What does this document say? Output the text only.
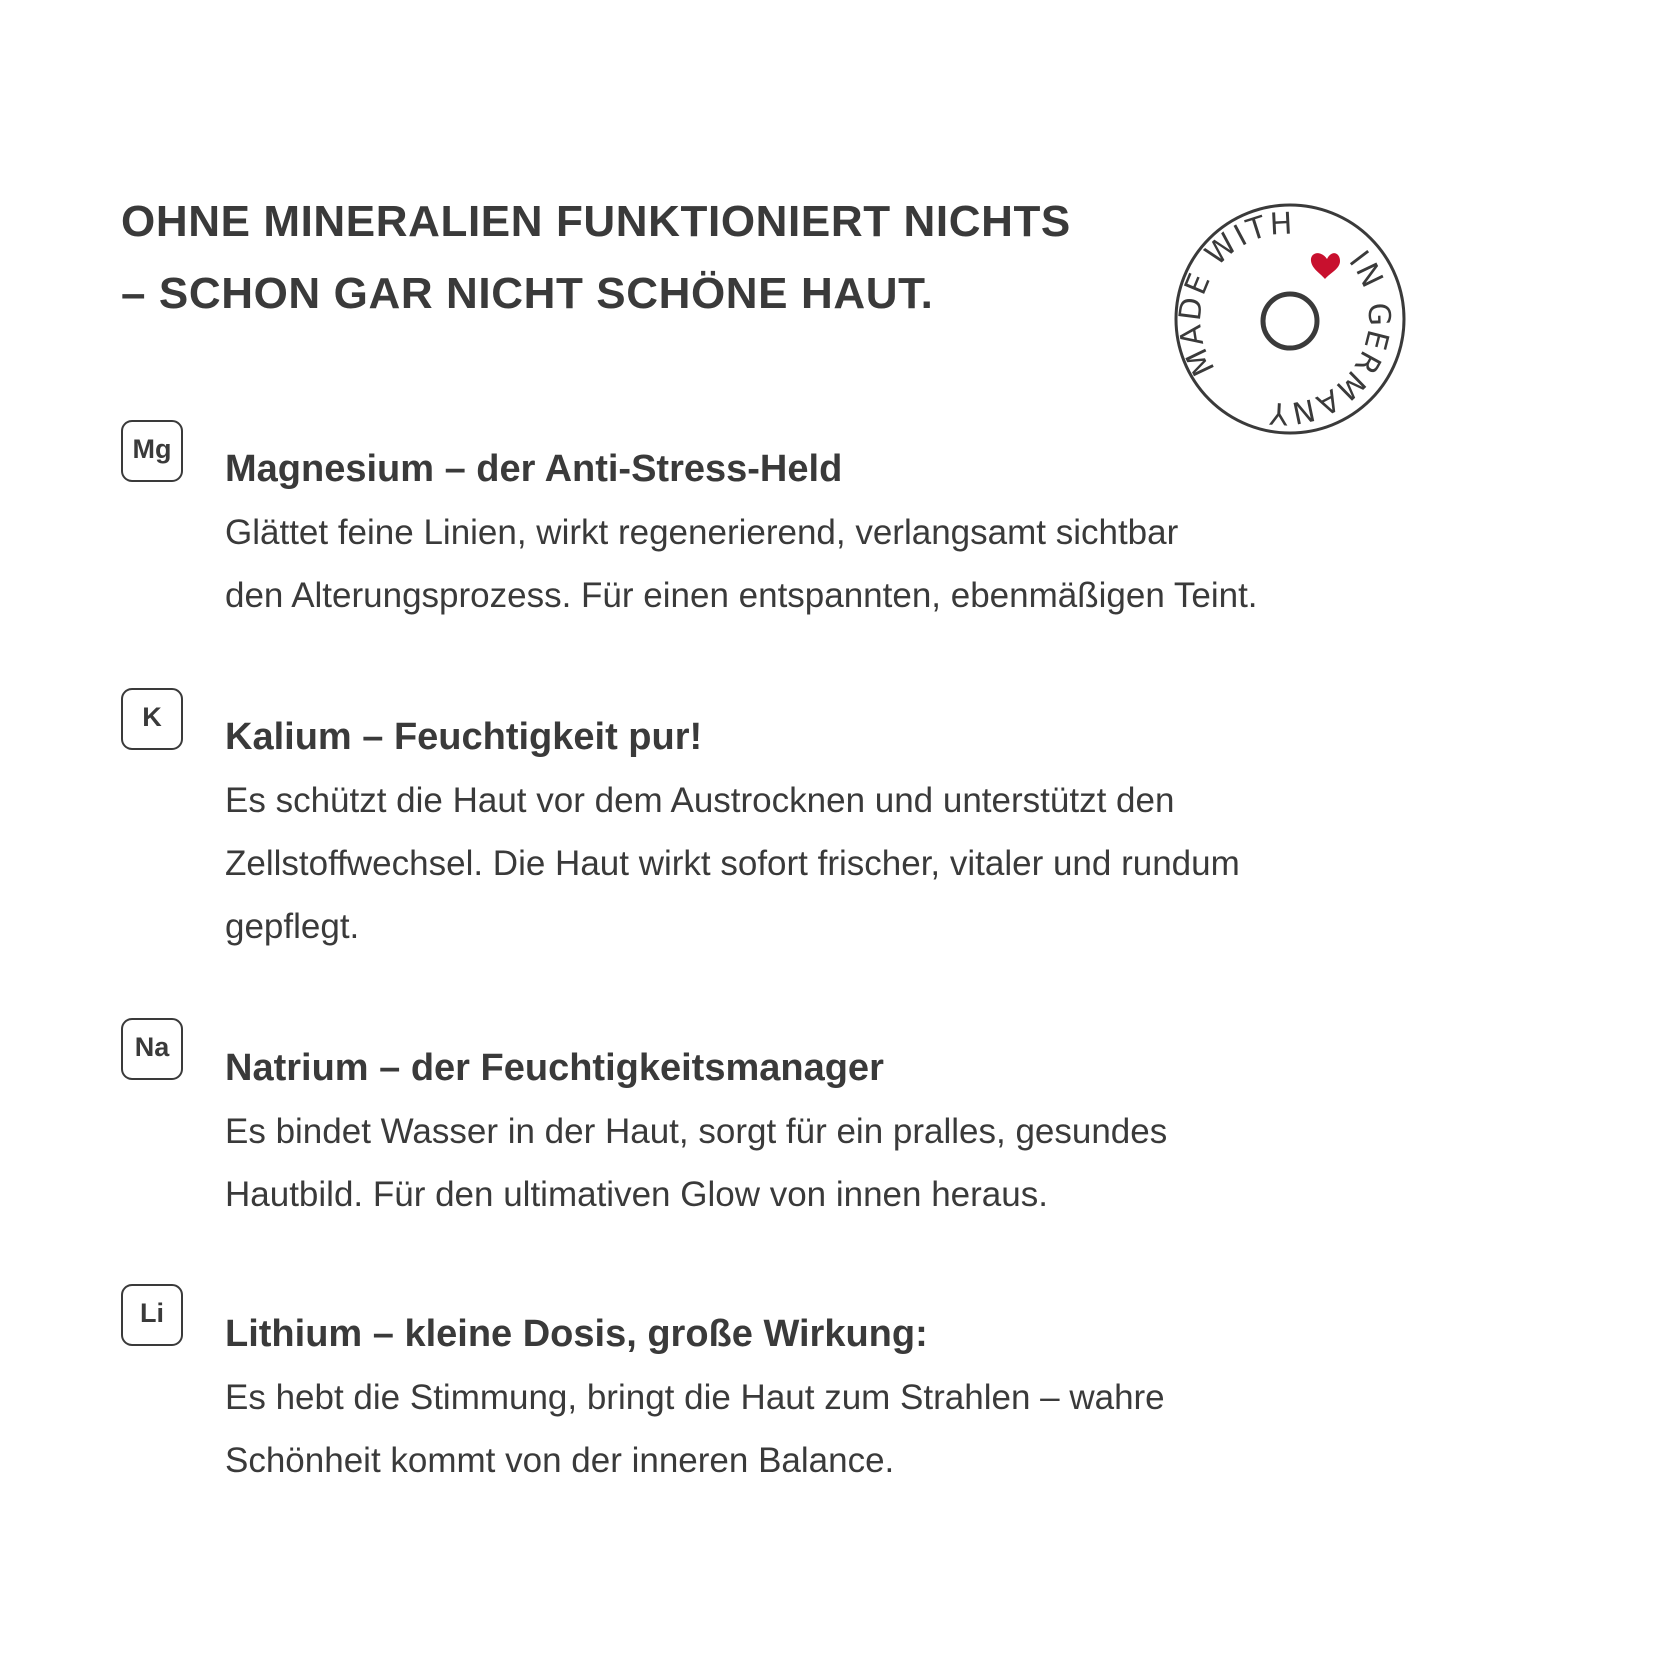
OHNE MINERALIEN FUNKTIONIERT NICHTS
– SCHON GAR NICHT SCHÖNE HAUT.
MADE WITH
IN GERMANY
Mg	Magnesium – der Anti-Stress-Held
Glättet feine Linien, wirkt regenerierend, verlangsamt sichtbar
den Alterungsprozess. Für einen entspannten, ebenmäßigen Teint.
K	Kalium – Feuchtigkeit pur!
Es schützt die Haut vor dem Austrocknen und unterstützt den
Zellstoffwechsel. Die Haut wirkt sofort frischer, vitaler und rundum
gepflegt.
Na
Natrium – der Feuchtigkeitsmanager
Es bindet Wasser in der Haut, sorgt für ein pralles, gesundes
Hautbild. Für den ultimativen Glow von innen heraus.
Li
Lithium – kleine Dosis, große Wirkung:
Es hebt die Stimmung, bringt die Haut zum Strahlen – wahre
Schönheit kommt von der inneren Balance.
